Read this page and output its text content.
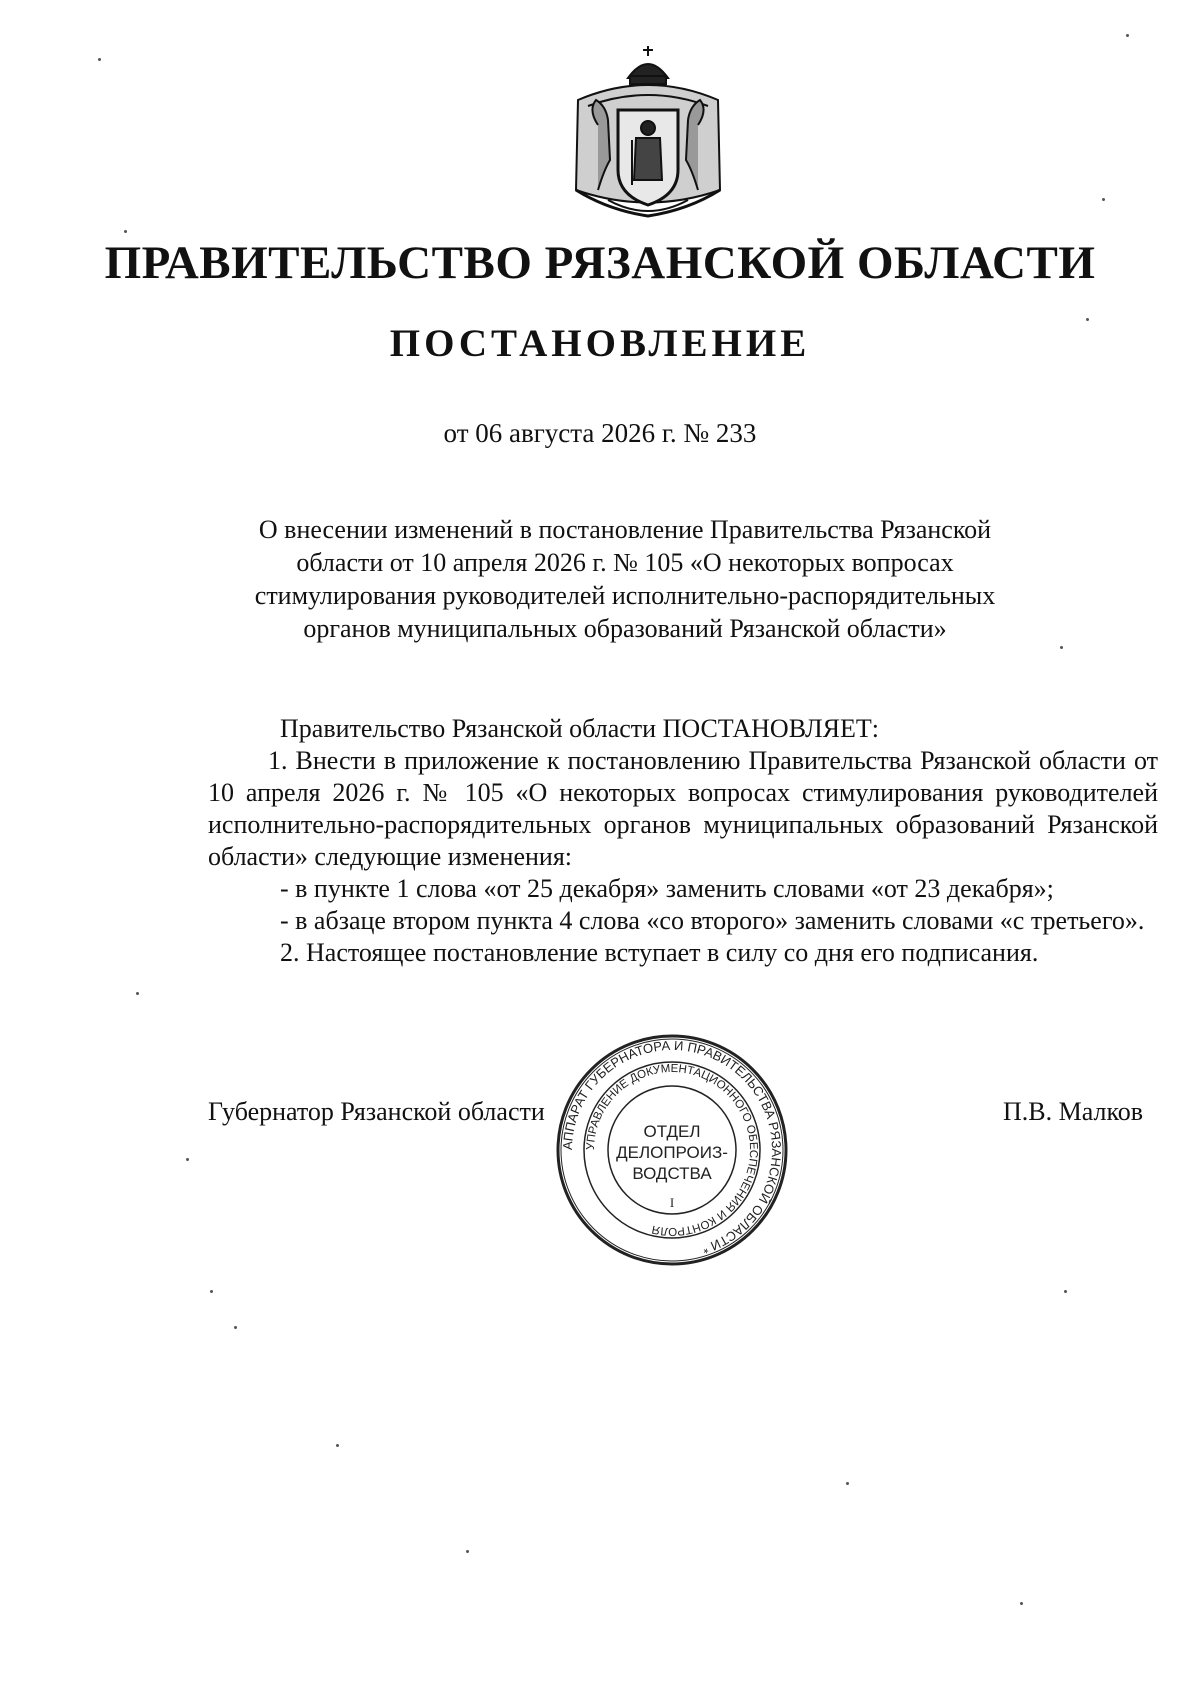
ПРАВИТЕЛЬСТВО РЯЗАНСКОЙ ОБЛАСТИ
ПОСТАНОВЛЕНИЕ
от 06 августа 2026 г. № 233
О внесении изменений в постановление Правительства Рязанской
области от 10 апреля 2026 г. № 105 «О некоторых вопросах
стимулирования руководителей исполнительно-распорядительных
органов муниципальных образований Рязанской области»

Правительство Рязанской области ПОСТАНОВЛЯЕТ:

1. Внести в приложение к постановлению Правительства Рязанской области от 10 апреля 2026 г. № 105 «О некоторых вопросах стимулирования руководителей исполнительно-распорядительных органов муниципальных образований Рязанской области» следующие изменения:

- в пункте 1 слова «от 25 декабря» заменить словами «от 23 декабря»;

- в абзаце втором пункта 4 слова «со второго» заменить словами «с третьего».

2. Настоящее постановление вступает в силу со дня его подписания.

Губернатор Рязанской области	П.В. Малков
АППАРАТ ГУБЕРНАТОРА И ПРАВИТЕЛЬСТВА РЯЗАНСКОЙ ОБЛАСТИ *
УПРАВЛЕНИЕ ДОКУМЕНТАЦИОННОГО ОБЕСПЕЧЕНИЯ И КОНТРОЛЯ
ОТДЕЛ
ДЕЛОПРОИЗ-
ВОДСТВА
I
